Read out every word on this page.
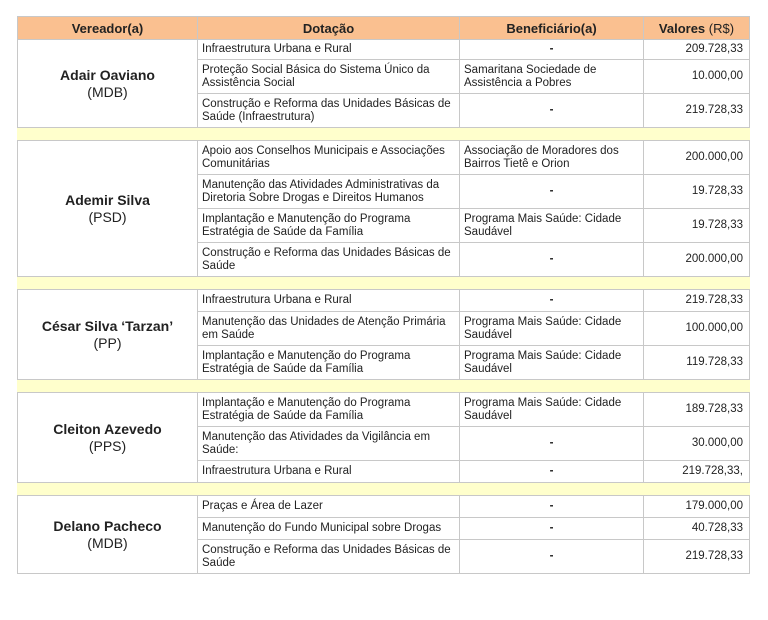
Vereador(a)	Dotação	Beneficiário(a)	Valores (R$)

Adair Oaviano
(MDB)	Infraestrutura Urbana e Rural	-	209.728,33
	Proteção Social Básica do Sistema Único da Assistência Social	Samaritana Sociedade de Assistência a Pobres	10.000,00
	Construção e Reforma das Unidades Básicas de Saúde (Infraestrutura)	-	219.728,33

Ademir Silva
(PSD)	Apoio aos Conselhos Municipais e Associações Comunitárias	Associação de Moradores dos Bairros Tietê e Orion	200.000,00
	Manutenção das Atividades Administrativas da Diretoria Sobre Drogas e Direitos Humanos	-	19.728,33
	Implantação e Manutenção do Programa Estratégia de Saúde da Família	Programa Mais Saúde: Cidade Saudável	19.728,33
	Construção e Reforma das Unidades Básicas de Saúde	-	200.000,00

César Silva ‘Tarzan’
(PP)	Infraestrutura Urbana e Rural	-	219.728,33
	Manutenção das Unidades de Atenção Primária em Saúde	Programa Mais Saúde: Cidade Saudável	100.000,00
	Implantação e Manutenção do Programa Estratégia de Saúde da Família	Programa Mais Saúde: Cidade Saudável	119.728,33

Cleiton Azevedo
(PPS)	Implantação e Manutenção do Programa Estratégia de Saúde da Família	Programa Mais Saúde: Cidade Saudável	189.728,33
	Manutenção das Atividades da Vigilância em Saúde:	-	30.000,00
	Infraestrutura Urbana e Rural	-	219.728,33,

Delano Pacheco
(MDB)	Praças e Área de Lazer	-	179.000,00
	Manutenção do Fundo Municipal sobre Drogas	-	40.728,33
	Construção e Reforma das Unidades Básicas de Saúde	-	219.728,33
